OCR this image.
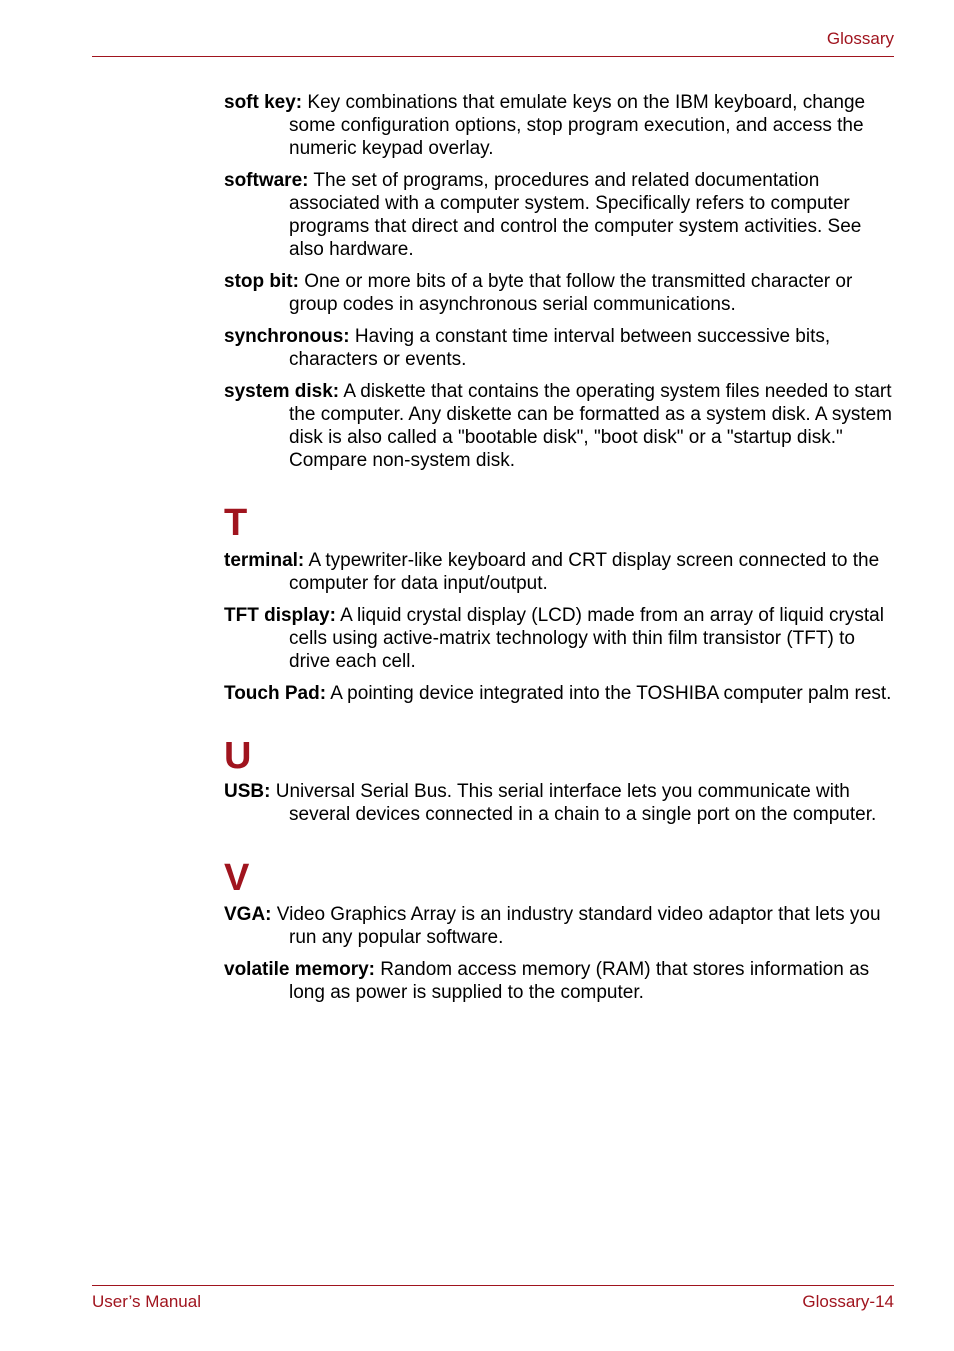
Glossary

soft key: Key combinations that emulate keys on the IBM keyboard, change some configuration options, stop program execution, and access the numeric keypad overlay.

software: The set of programs, procedures and related documentation associated with a computer system. Specifically refers to computer programs that direct and control the computer system activities. See also hardware.

stop bit: One or more bits of a byte that follow the transmitted character or group codes in asynchronous serial communications.

synchronous: Having a constant time interval between successive bits, characters or events.

system disk: A diskette that contains the operating system files needed to start the computer. Any diskette can be formatted as a system disk. A system disk is also called a "bootable disk", "boot disk" or a "startup disk." Compare non-system disk.

T

terminal: A typewriter-like keyboard and CRT display screen connected to the computer for data input/output.

TFT display: A liquid crystal display (LCD) made from an array of liquid crystal cells using active-matrix technology with thin film transistor (TFT) to drive each cell.

Touch Pad: A pointing device integrated into the TOSHIBA computer palm rest.

U

USB: Universal Serial Bus. This serial interface lets you communicate with several devices connected in a chain to a single port on the computer.

V

VGA: Video Graphics Array is an industry standard video adaptor that lets you run any popular software.

volatile memory: Random access memory (RAM) that stores information as long as power is supplied to the computer.

User’s Manual	Glossary-14
